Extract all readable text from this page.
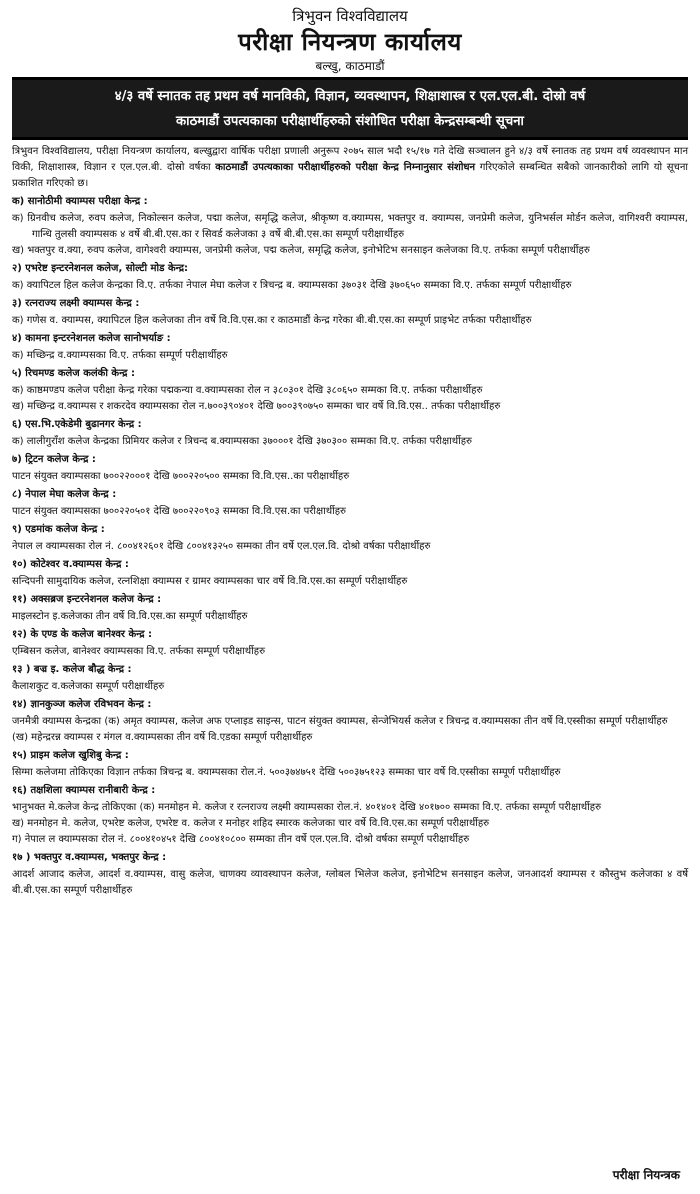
त्रिभुवन विश्वविद्यालय
परीक्षा नियन्त्रण कार्यालय
बल्खु, काठमाडौं
४/३ वर्षे स्नातक तह प्रथम वर्ष मानविकी, विज्ञान, व्यवस्थापन, शिक्षाशास्त्र र एल.एल.बी. दोस्रो वर्ष
काठमाडौं उपत्यकाका परीक्षार्थीहरुको संशोधित परीक्षा केन्द्रसम्बन्धी सूचना
त्रिभुवन विश्वविद्यालय, परीक्षा नियन्त्रण कार्यालय, बल्खुद्वारा वार्षिक परीक्षा प्रणाली अनुरूप २०७५ साल भदौ १५/१७ गते देखि सञ्चालन हुने ४/३ वर्षे स्नातक तह प्रथम वर्ष व्यवस्थापन मान विकी, शिक्षाशास्त्र, विज्ञान र एल.एल.बी. दोस्रो वर्षका काठमाडौं उपत्यकाका परीक्षार्थीहरुको परीक्षा केन्द्र निम्नानुसार संशोधन गरिएकोले सम्बन्धित सबैको जानकारीको लागि यो सूचना प्रकाशित गरिएको छ।
क) सानोठीमी क्याम्पस परीक्षा केन्द्र :
क) ग्रिनवीच कलेज, रुवप कलेज, निकोल्सन कलेज, पद्मा कलेज, समृद्धि कलेज, श्रीकृष्ण व.क्याम्पस, भक्तपुर व. क्याम्पस, जनप्रेमी कलेज, युनिभर्सल मोर्डन कलेज, वागिश्वरी क्याम्पस, गान्धि तुलसी क्याम्पसक ४ वर्षे बी.बी.एस.का र सिवर्ड कलेजका ३ वर्षे बी.बी.एस.का सम्पूर्ण परीक्षार्थीहरु
ख) भक्तपुर व.क्या, रुवप कलेज, वागेश्वरी क्याम्पस, जनप्रेमी कलेज, पद्म कलेज, समृद्धि कलेज, इनोभेटिभ सनसाइन कलेजका वि.ए. तर्फका सम्पूर्ण परीक्षार्थीहरु
२) एभरेष्ट इन्टरनेशनल कलेज, सोल्टी मोड केन्द्र:
क) क्यापिटल हिल कलेज केन्द्रका वि.ए. तर्फका नेपाल मेघा कलेज र त्रिचन्द्र ब. क्याम्पसका ३७०३१ देखि ३७०६५० सम्मका वि.ए. तर्फका सम्पूर्ण परीक्षार्थीहरु
३) रत्नराज्य लक्ष्मी क्याम्पस केन्द्र :
क) गणेस व. क्याम्पस, क्यापिटल हिल कलेजका तीन वर्षे वि.वि.एस.का र काठमाडौं केन्द्र गरेका बी.बी.एस.का सम्पूर्ण प्राइभेट तर्फका परीक्षार्थीहरु
४) कामना इन्टरनेशनल कलेज सानोभर्याङ :
क) मच्छिन्द्र व.क्याम्पसका वि.ए. तर्फका सम्पूर्ण परीक्षार्थीहरु
५) रिचमण्ड कलेज कलंकी केन्द्र :
क) काष्ठमण्डप कलेज परीक्षा केन्द्र गरेका पद्मकन्या व.क्याम्पसका रोल न ३८०३०१ देखि ३८०६५० सम्मका वि.ए. तर्फका परीक्षार्थीहरु
ख) मच्छिन्द्र व.क्याम्पस र शकरदेव क्याम्पसका रोल न.७००३९०४०१ देखि ७००३९०७५० सम्मका चार वर्षे वि.वि.एस.. तर्फका परीक्षार्थीहरु
६) एस.भि.एकेडेमी बुढानगर केन्द्र :
क) लालीगुराँश कलेज केन्द्रका प्रिमियर कलेज र त्रिचन्द ब.क्याम्पसका ३७०००१ देखि ३७०३०० सम्मका वि.ए. तर्फका परीक्षार्थीहरु
७) ट्रिटन कलेज केन्द्र :
पाटन संयुक्त क्याम्पसका ७००२२०००१ देखि ७००२२०५०० सम्मका वि.वि.एस..का परीक्षार्थीहरु
८) नेपाल मेघा कलेज केन्द्र :
पाटन संयुक्त क्याम्पसका ७००२२०५०१ देखि ७००२२०९०३ सम्मका वि.वि.एस.का परीक्षार्थीहरु
९) एडमांक कलेज केन्द्र :
नेपाल ल क्याम्पसका रोल नं. ८००४१२६०१ देखि ८००४१३२५० सम्मका तीन वर्षे एल.एल.वि. दोश्रो वर्षका परीक्षार्थीहरु
१०) कोटेश्वर व.क्याम्पस केन्द्र :
सन्दिपनी सामुदायिक कलेज, रत्नशिक्षा क्याम्पस र ग्रामर क्याम्पसका चार वर्षे वि.वि.एस.का सम्पूर्ण परीक्षार्थीहरु
११) अक्सब्रज इन्टरनेशनल कलेज केन्द्र :
माइलस्टोन इ.कलेजका तीन वर्षे वि.वि.एस.का सम्पूर्ण परीक्षार्थीहरु
१२) के एण्ड के कलेज बानेश्वर केन्द्र :
एम्बिसन कलेज, बानेश्वर क्याम्पसका वि.ए. तर्फका सम्पूर्ण परीक्षार्थीहरु
१३ ) बज्र इ. कलेज बौद्ध केन्द्र :
कैलाशकुट व.कलेजका सम्पूर्ण परीक्षार्थीहरु
१४) ज्ञानकुञ्ज कलेज रविभवन केन्द्र :
जनमैत्री क्याम्पस केन्द्रका (क) अमृत क्याम्पस, कलेज अफ एप्लाइड साइन्स, पाटन संयुक्त क्याम्पस, सेन्जेभियर्स कलेज र त्रिचन्द्र व.क्याम्पसका तीन वर्षे वि.एस्सीका सम्पूर्ण परीक्षार्थीहरु
(ख) महेन्द्ररन्न क्याम्पस र मंगल व.क्याम्पसका तीन वर्षे वि.एडका सम्पूर्ण परीक्षार्थीहरु
१५) प्राइम कलेज खुशिबु केन्द्र :
सिग्मा कलेजमा तोकिएका विज्ञान तर्फका त्रिचन्द्र ब. क्याम्पसका रोल.नं. ५००३७४७५१ देखि ५००३७५१२३ सम्मका चार वर्षे वि.एस्सीका सम्पूर्ण परीक्षार्थीहरु
१६) तक्षशिला क्याम्पस रानीबारी केन्द्र :
भानुभक्त मे.कलेज केन्द्र तोकिएका (क) मनमोहन मे. कलेज र रत्नराज्य लक्ष्मी क्याम्पसका रोल.नं. ४०१४०१ देखि ४०१७०० सम्मका वि.ए. तर्फका सम्पूर्ण परीक्षार्थीहरु
ख) मनमोहन मे. कलेज, एभरेष्ट कलेज, एभरेष्ट व. कलेज र मनोहर शहिद स्मारक कलेजका चार वर्षे वि.वि.एस.का सम्पूर्ण परीक्षार्थीहरु
ग) नेपाल ल क्याम्पसका रोल नं. ८००४१०४५१ देखि ८००४१०८०० सम्मका तीन वर्षे एल.एल.वि. दोश्रो वर्षका सम्पूर्ण परीक्षार्थीहरु
१७ ) भक्तपुर व.क्याम्पस, भक्तपुर केन्द्र :
आदर्श आजाद कलेज, आदर्श व.क्याम्पस, वासु कलेज, चाणक्य व्यावस्थापन कलेज, ग्लोबल भिलेज कलेज, इनोभेटिभ सनसाइन कलेज, जनआदर्श क्याम्पस र कौस्तुभ कलेजका ४ वर्षे बी.बी.एस.का सम्पूर्ण परीक्षार्थीहरु
परीक्षा नियन्त्रक
